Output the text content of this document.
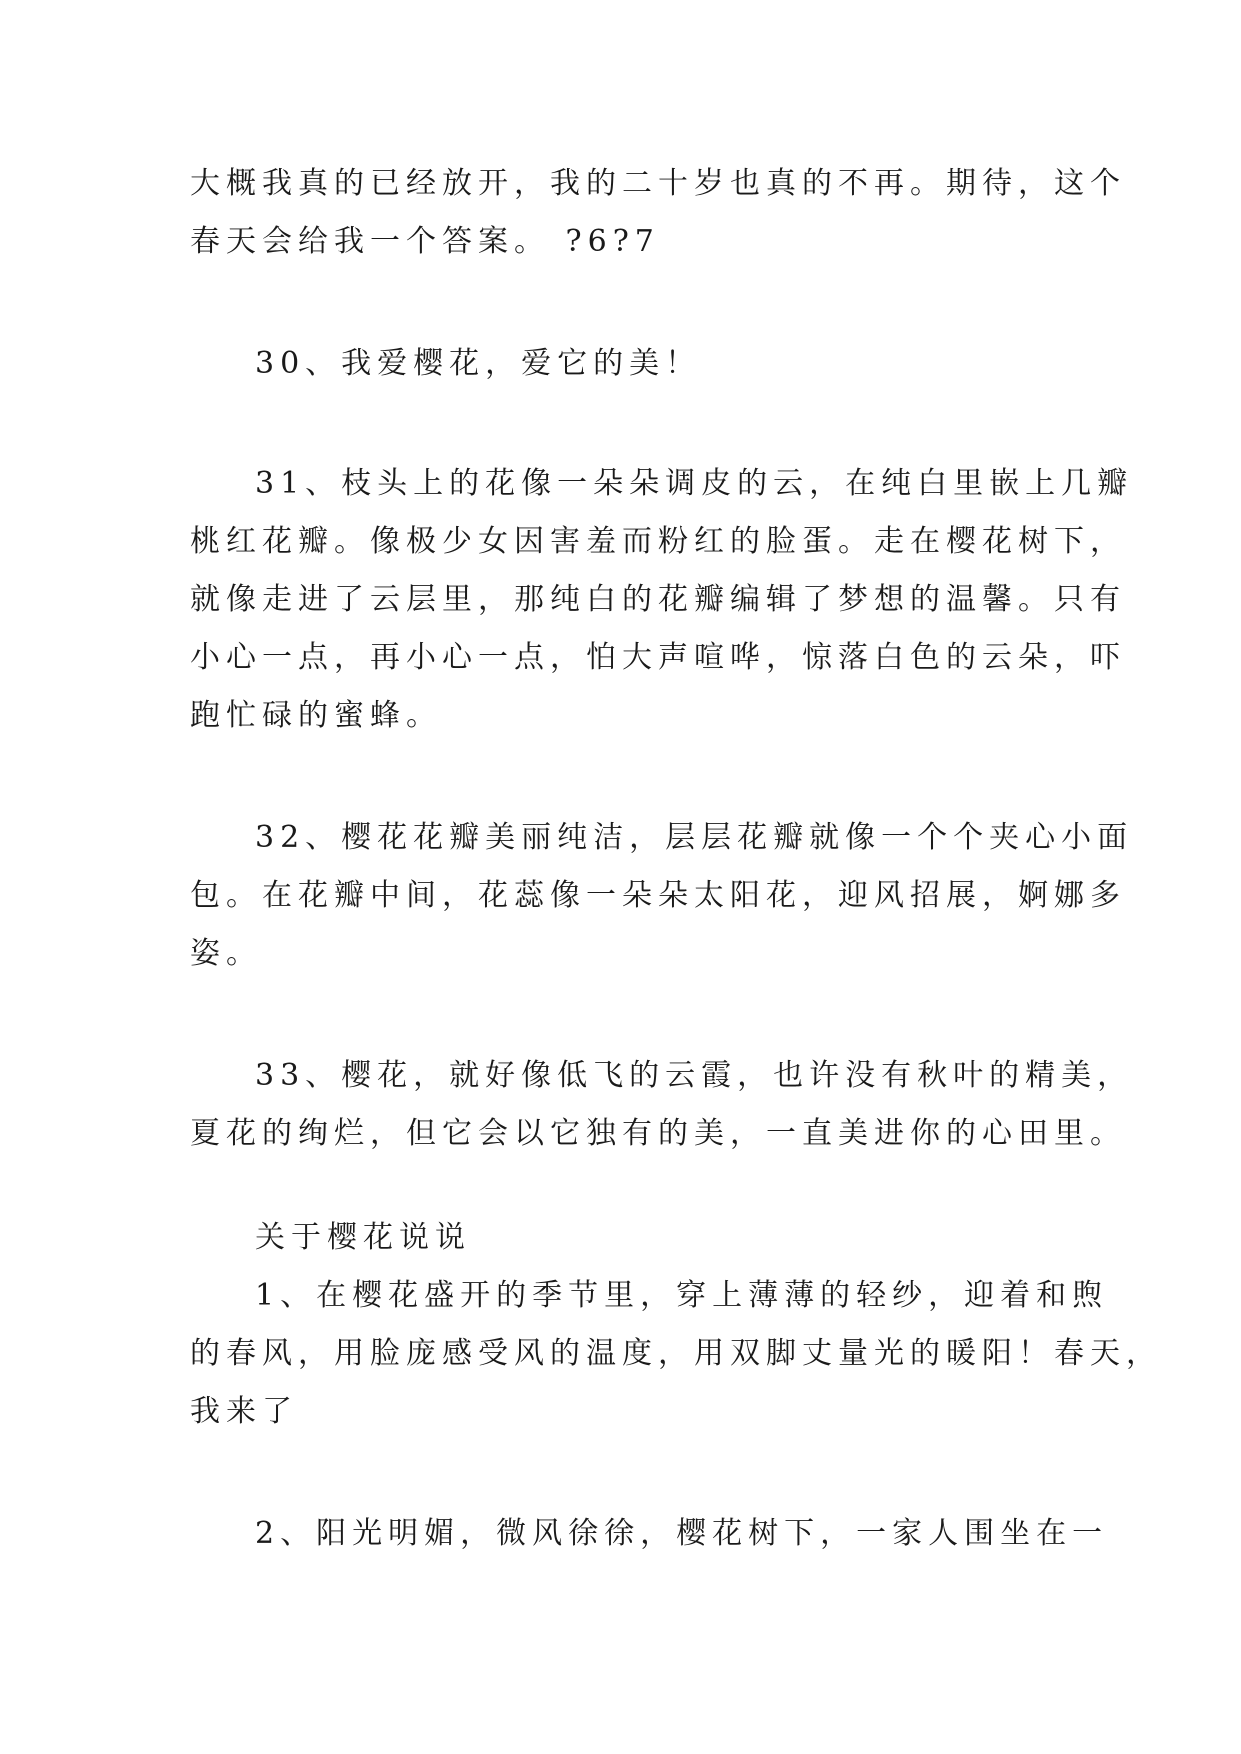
大概我真的已经放开，我的二十岁也真的不再。期待，这个
春天会给我一个答案。 ?6?7
30、我爱樱花，爱它的美！
31、枝头上的花像一朵朵调皮的云，在纯白里嵌上几瓣
桃红花瓣。像极少女因害羞而粉红的脸蛋。走在樱花树下，
就像走进了云层里，那纯白的花瓣编辑了梦想的温馨。只有
小心一点，再小心一点，怕大声喧哗，惊落白色的云朵，吓
跑忙碌的蜜蜂。
32、樱花花瓣美丽纯洁，层层花瓣就像一个个夹心小面
包。在花瓣中间，花蕊像一朵朵太阳花，迎风招展，婀娜多
姿。
33、樱花，就好像低飞的云霞，也许没有秋叶的精美，
夏花的绚烂，但它会以它独有的美，一直美进你的心田里。
关于樱花说说
1、在樱花盛开的季节里，穿上薄薄的轻纱，迎着和煦
的春风，用脸庞感受风的温度，用双脚丈量光的暖阳！春天，
我来了
2、阳光明媚，微风徐徐，樱花树下，一家人围坐在一
